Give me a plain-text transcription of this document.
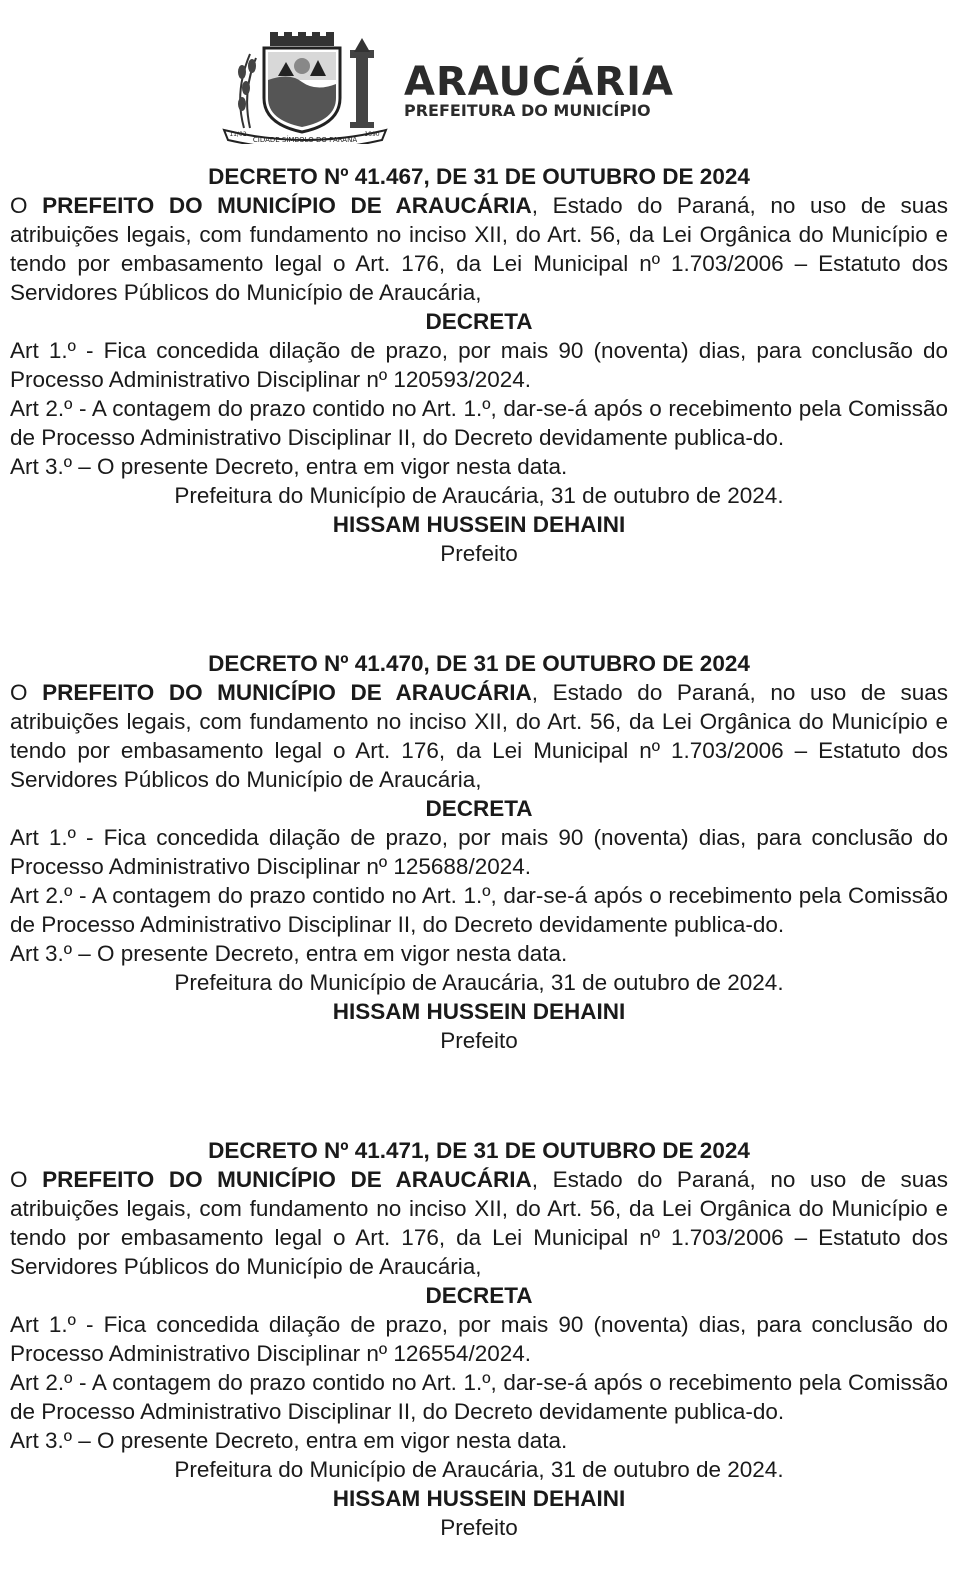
CIDADE SÍMBOLO DO PARANÁ
11/02	1890
ARAUCÁRIA
PREFEITURA DO MUNICÍPIO

DECRETO Nº 41.467, DE 31 DE OUTUBRO DE 2024

O PREFEITO DO MUNICÍPIO DE ARAUCÁRIA, Estado do Paraná, no uso de suas atribuições legais, com fundamento no inciso XII, do Art. 56, da Lei Orgânica do Município e tendo por embasamento legal o Art. 176, da Lei Municipal nº 1.703/2006 – Estatuto dos Servidores Públicos do Município de Araucária,

DECRETA

Art 1.º - Fica concedida dilação de prazo, por mais 90 (noventa) dias, para conclusão do Processo Administrativo Disciplinar nº 120593/2024.

Art 2.º - A contagem do prazo contido no Art. 1.º, dar-se-á após o recebimento pela Comissão de Processo Administrativo Disciplinar II, do Decreto devidamente publica-do.

Art 3.º – O presente Decreto, entra em vigor nesta data.

Prefeitura do Município de Araucária, 31 de outubro de 2024.

HISSAM HUSSEIN DEHAINI

Prefeito

DECRETO Nº 41.470, DE 31 DE OUTUBRO DE 2024

O PREFEITO DO MUNICÍPIO DE ARAUCÁRIA, Estado do Paraná, no uso de suas atribuições legais, com fundamento no inciso XII, do Art. 56, da Lei Orgânica do Município e tendo por embasamento legal o Art. 176, da Lei Municipal nº 1.703/2006 – Estatuto dos Servidores Públicos do Município de Araucária,

DECRETA

Art 1.º - Fica concedida dilação de prazo, por mais 90 (noventa) dias, para conclusão do Processo Administrativo Disciplinar nº 125688/2024.

Art 2.º - A contagem do prazo contido no Art. 1.º, dar-se-á após o recebimento pela Comissão de Processo Administrativo Disciplinar II, do Decreto devidamente publica-do.

Art 3.º – O presente Decreto, entra em vigor nesta data.

Prefeitura do Município de Araucária, 31 de outubro de 2024.

HISSAM HUSSEIN DEHAINI

Prefeito

DECRETO Nº 41.471, DE 31 DE OUTUBRO DE 2024

O PREFEITO DO MUNICÍPIO DE ARAUCÁRIA, Estado do Paraná, no uso de suas atribuições legais, com fundamento no inciso XII, do Art. 56, da Lei Orgânica do Município e tendo por embasamento legal o Art. 176, da Lei Municipal nº 1.703/2006 – Estatuto dos Servidores Públicos do Município de Araucária,

DECRETA

Art 1.º - Fica concedida dilação de prazo, por mais 90 (noventa) dias, para conclusão do Processo Administrativo Disciplinar nº 126554/2024.

Art 2.º - A contagem do prazo contido no Art. 1.º, dar-se-á após o recebimento pela Comissão de Processo Administrativo Disciplinar II, do Decreto devidamente publica-do.

Art 3.º – O presente Decreto, entra em vigor nesta data.

Prefeitura do Município de Araucária, 31 de outubro de 2024.

HISSAM HUSSEIN DEHAINI

Prefeito
